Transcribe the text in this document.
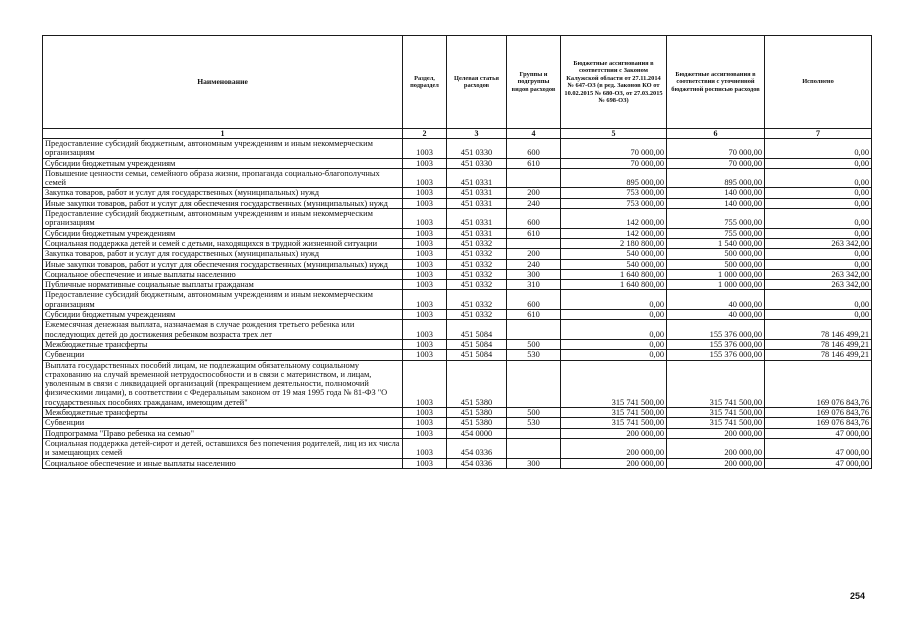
Наименование	Раздел, подраздел	Целевая статья расходов	Группы и подгруппы видов расходов	Бюджетные ассигнования в соответствии с Законом Калужской области от 27.11.2014 № 647-ОЗ (в ред. Законов КО от 10.02.2015 № 680-ОЗ, от 27.03.2015 № 698-ОЗ)	Бюджетные ассигнования в соответствии с уточненной бюджетной росписью расходов	Исполнено
1	2	3	4	5	6	7
Предоставление субсидий бюджетным, автономным учреждениям и иным некоммерческим организациям	1003	451 0330	600	70 000,00	70 000,00	0,00
Субсидии бюджетным учреждениям	1003	451 0330	610	70 000,00	70 000,00	0,00
Повышение ценности семьи, семейного образа жизни, пропаганда социально-благополучных семей	1003	451 0331		895 000,00	895 000,00	0,00
Закупка товаров, работ и услуг для государственных (муниципальных) нужд	1003	451 0331	200	753 000,00	140 000,00	0,00
Иные закупки товаров, работ и услуг для обеспечения государственных (муниципальных) нужд	1003	451 0331	240	753 000,00	140 000,00	0,00
Предоставление субсидий бюджетным, автономным учреждениям и иным некоммерческим организациям	1003	451 0331	600	142 000,00	755 000,00	0,00
Субсидии бюджетным учреждениям	1003	451 0331	610	142 000,00	755 000,00	0,00
Социальная поддержка детей и семей с детьми, находящихся в трудной жизненной ситуации	1003	451 0332		2 180 800,00	1 540 000,00	263 342,00
Закупка товаров, работ и услуг для государственных (муниципальных) нужд	1003	451 0332	200	540 000,00	500 000,00	0,00
Иные закупки товаров, работ и услуг для обеспечения государственных (муниципальных) нужд	1003	451 0332	240	540 000,00	500 000,00	0,00
Социальное обеспечение и иные выплаты населению	1003	451 0332	300	1 640 800,00	1 000 000,00	263 342,00
Публичные нормативные социальные выплаты гражданам	1003	451 0332	310	1 640 800,00	1 000 000,00	263 342,00
Предоставление субсидий бюджетным, автономным учреждениям и иным некоммерческим организациям	1003	451 0332	600	0,00	40 000,00	0,00
Субсидии бюджетным учреждениям	1003	451 0332	610	0,00	40 000,00	0,00
Ежемесячная денежная выплата, назначаемая в случае рождения третьего ребенка или последующих детей до достижения ребенком возраста трех лет	1003	451 5084		0,00	155 376 000,00	78 146 499,21
Межбюджетные трансферты	1003	451 5084	500	0,00	155 376 000,00	78 146 499,21
Субвенции	1003	451 5084	530	0,00	155 376 000,00	78 146 499,21
Выплата государственных пособий лицам, не подлежащим обязательному социальному страхованию на случай временной нетрудоспособности и в связи с материнством, и лицам, уволенным в связи с ликвидацией организаций (прекращением деятельности, полномочий физическими лицами), в соответствии с Федеральным законом от 19 мая 1995 года № 81-ФЗ "О государственных пособиях гражданам, имеющим детей"	1003	451 5380		315 741 500,00	315 741 500,00	169 076 843,76
Межбюджетные трансферты	1003	451 5380	500	315 741 500,00	315 741 500,00	169 076 843,76
Субвенции	1003	451 5380	530	315 741 500,00	315 741 500,00	169 076 843,76
Подпрограмма "Право ребенка на семью"	1003	454 0000		200 000,00	200 000,00	47 000,00
Социальная поддержка детей-сирот и детей, оставшихся без попечения родителей, лиц из их числа и замещающих семей	1003	454 0336		200 000,00	200 000,00	47 000,00
Социальное обеспечение и иные выплаты населению	1003	454 0336	300	200 000,00	200 000,00	47 000,00
254
